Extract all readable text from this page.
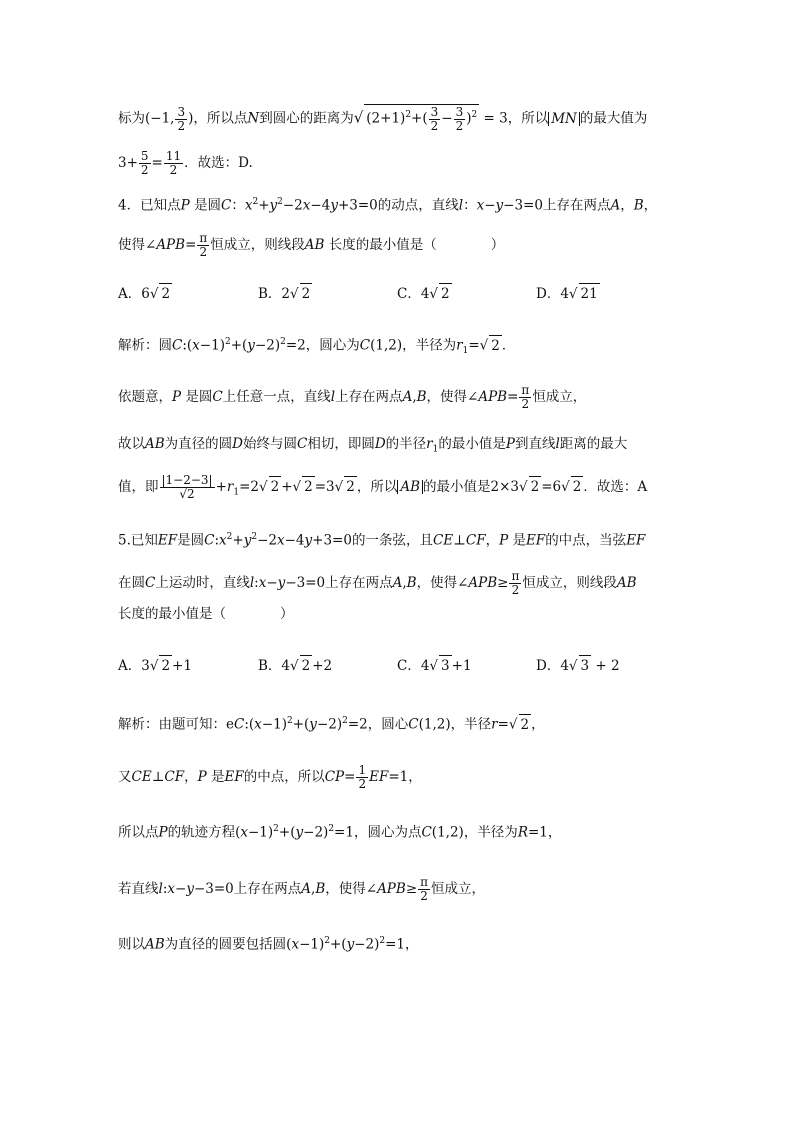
标为(−1, $\frac{3}{2}$ )，所以点N到圆心的距离为√ $(2+1)^2+( \frac{3}{2} - \frac{3}{2} )^2 = 3$，所以 MN 的最大值为
$3+ \frac{5}{2} = \frac{11}{2}$ ．故选：D.
4．已知点P 是圆C：$x^2+y^2-2x-4y+3=0$的动点，直线l：x−y−3=0上存在两点A，B，
使得∠APB= $\frac{\pi}{2}$ 恒成立，则线段AB 长度的最小值是（　　　　）
A．6√ 2	B．2√ 2	C．4√ 2	D．4√ 21
解析：圆$C:(x-1)^2+(y-2)^2=2$，圆心为C(1,2)，半径为$r_1=√$ 2 ．
依题意，P 是圆C上任意一点，直线l上存在两点A,B，使得∠APB= $\frac{\pi}{2}$ 恒成立，
故以AB为直径的圆D始终与圆C相切，即圆D的半径$r_1$的最小值是P到直线l距离的最大
值，即 $\frac{|1-2-3|}{√2} +r_1=2√$ 2 +√ 2 =3√ 2 ，所以 AB 的最小值是2×3√ 2 =6√ 2 ．故选：A
5.已知EF是圆$C:x^2+y^2-2x-4y+3=0$的一条弦，且CE⊥CF，P 是EF的中点，当弦EF
在圆C上运动时，直线l:x−y−3=0上存在两点A,B，使得∠APB≥ $\frac{\pi}{2}$ 恒成立，则线段AB
长度的最小值是（　　　　）
A．3√ 2 +1	B．4√ 2 +2	C．4√ 3 +1	D．4√ 3 + 2
解析：由题可知：$eC:(x-1)^2+(y-2)^2=2$，圆心C(1,2)，半径r=√ 2 ，
又CE⊥CF，P 是EF的中点，所以$CP= \frac{1}{2} EF=1$，
所以点P的轨迹方程$(x-1)^2+(y-2)^2=1$，圆心为点C(1,2)，半径为R=1，
若直线l:x−y−3=0上存在两点A,B，使得∠APB≥ $\frac{\pi}{2}$ 恒成立，
则以AB为直径的圆要包括圆$(x-1)^2+(y-2)^2=1$，
